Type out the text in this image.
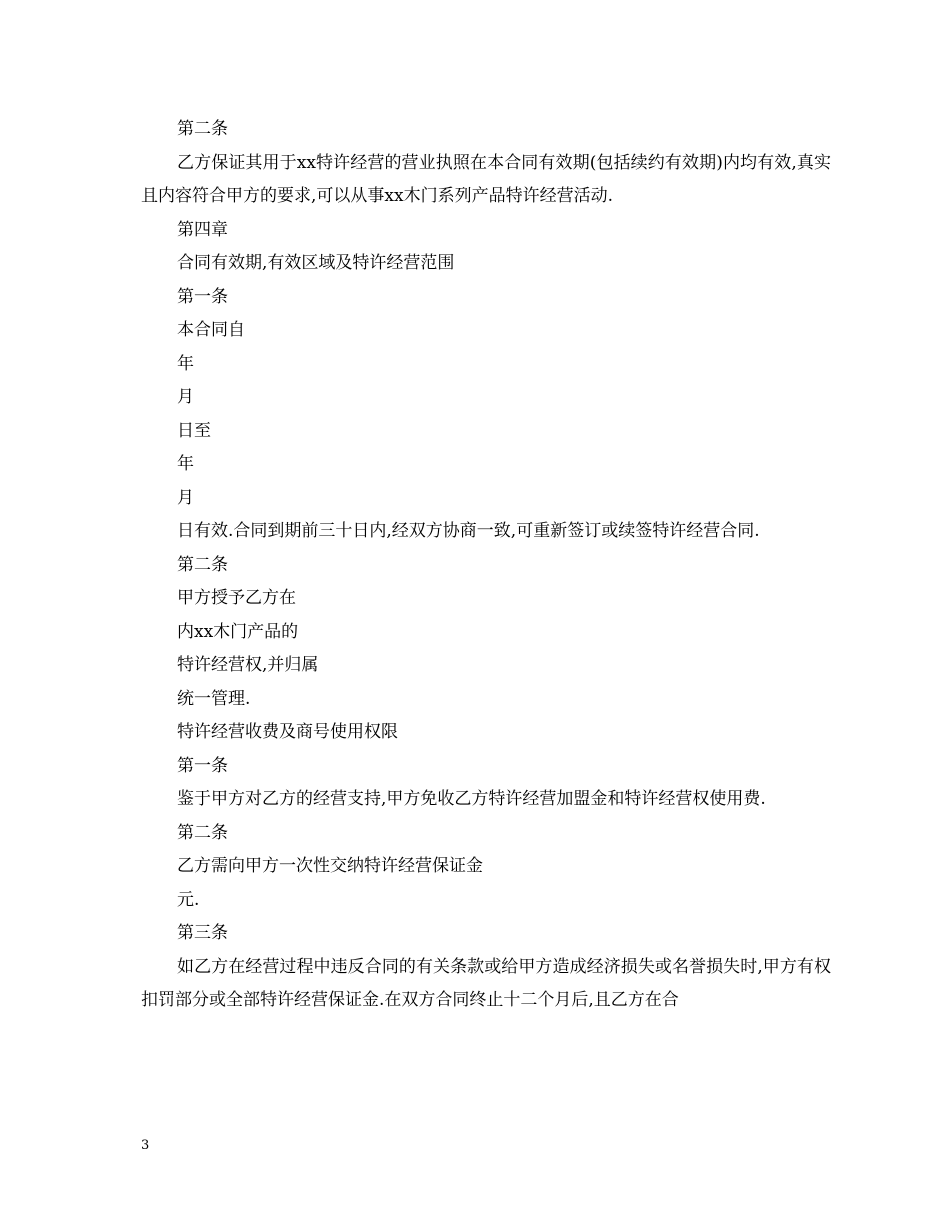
第二条

乙方保证其用于xx特许经营的营业执照在本合同有效期(包括续约有效期)内均有效,真实且内容符合甲方的要求,可以从事xx木门系列产品特许经营活动.

第四章

合同有效期,有效区域及特许经营范围

第一条

本合同自

年

月

日至

年

月

日有效.合同到期前三十日内,经双方协商一致,可重新签订或续签特许经营合同.

第二条

甲方授予乙方在

内xx木门产品的

特许经营权,并归属

统一管理.

特许经营收费及商号使用权限

第一条

鉴于甲方对乙方的经营支持,甲方免收乙方特许经营加盟金和特许经营权使用费.

第二条

乙方需向甲方一次性交纳特许经营保证金

元.

第三条

如乙方在经营过程中违反合同的有关条款或给甲方造成经济损失或名誉损失时,甲方有权扣罚部分或全部特许经营保证金.在双方合同终止十二个月后,且乙方在合

3
